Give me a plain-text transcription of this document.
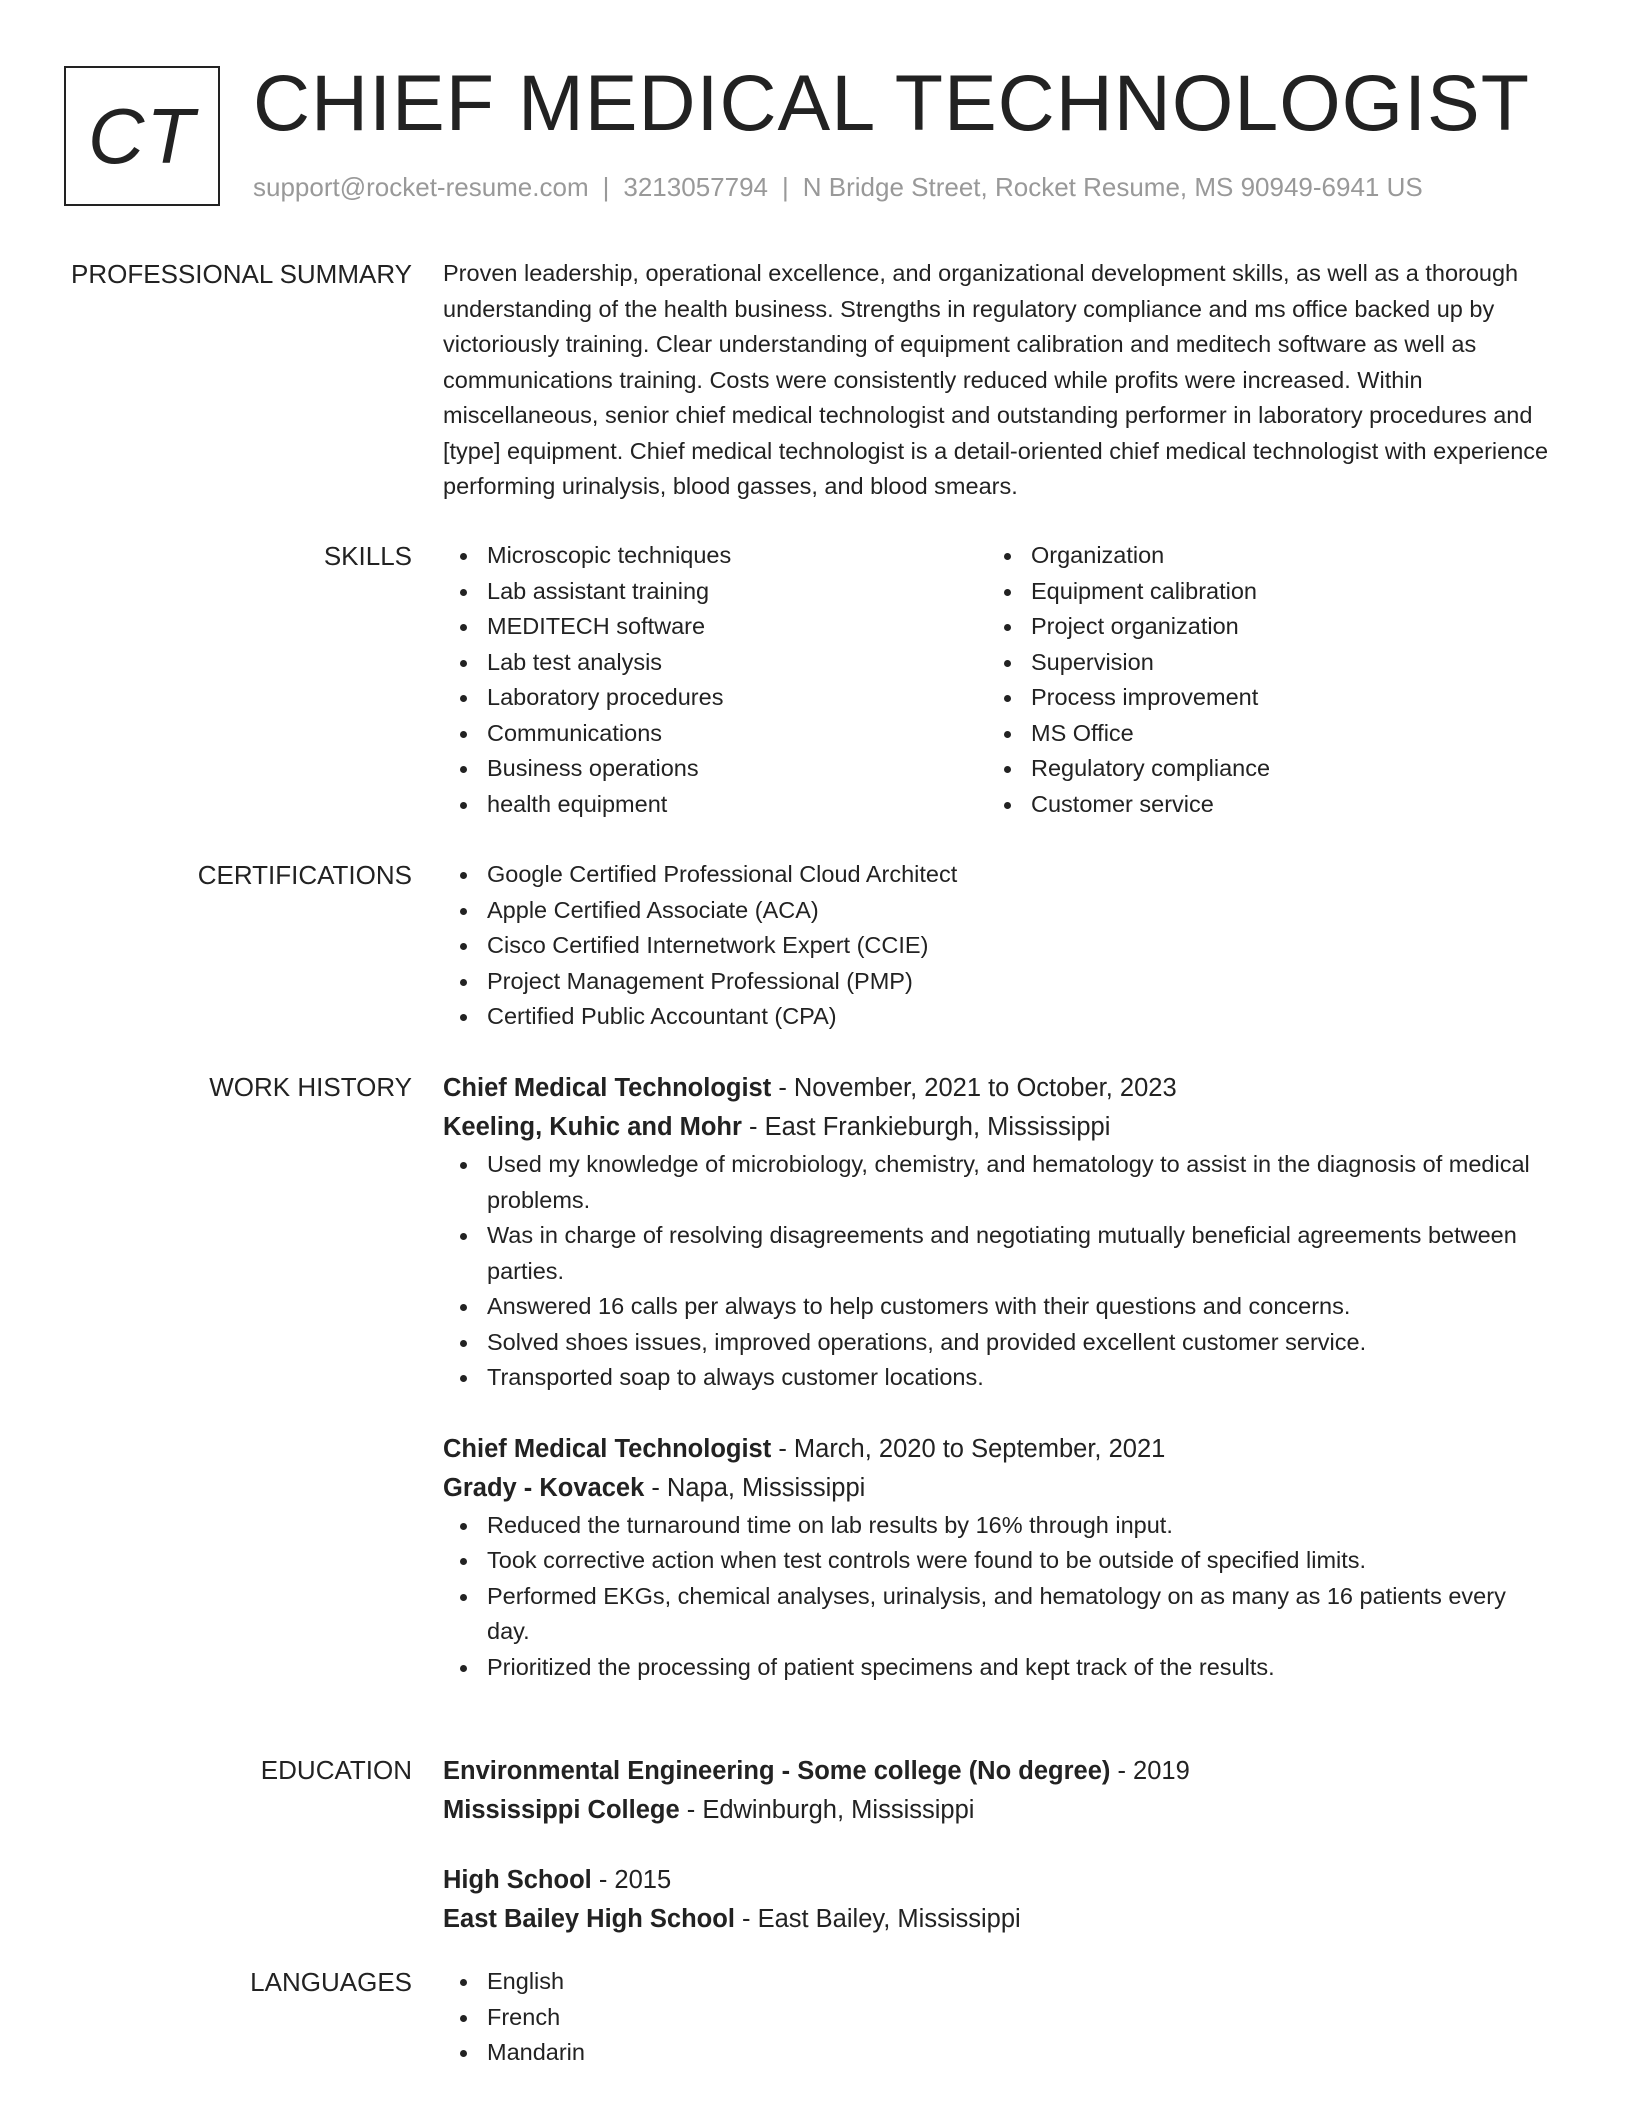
CT CHIEF MEDICAL TECHNOLOGIST
support@rocket-resume.com | 3213057794 | N Bridge Street, Rocket Resume, MS 90949-6941 US
PROFESSIONAL SUMMARY Proven leadership, operational excellence, and organizational development skills, as well as a thorough understanding of the health business. Strengths in regulatory compliance and ms office backed up by victoriously training. Clear understanding of equipment calibration and meditech software as well as communications training. Costs were consistently reduced while profits were increased. Within miscellaneous, senior chief medical technologist and outstanding performer in laboratory procedures and [type] equipment. Chief medical technologist is a detail-oriented chief medical technologist with experience performing urinalysis, blood gasses, and blood smears.

SKILLS	Microscopic techniques
Lab assistant training
MEDITECH software
Lab test analysis
Laboratory procedures
Communications
Business operations
health equipment
Organization
Equipment calibration
Project organization
Supervision
Process improvement
MS Office
Regulatory compliance
Customer service
CERTIFICATIONS	Google Certified Professional Cloud Architect
Apple Certified Associate (ACA)
Cisco Certified Internetwork Expert (CCIE)
Project Management Professional (PMP)
Certified Public Accountant (CPA)
WORK HISTORY Chief Medical Technologist - November, 2021 to October, 2023
Keeling, Kuhic and Mohr - East Frankieburgh, Mississippi
Used my knowledge of microbiology, chemistry, and hematology to assist in the diagnosis of medical problems.
Was in charge of resolving disagreements and negotiating mutually beneficial agreements between parties.
Answered 16 calls per always to help customers with their questions and concerns.
Solved shoes issues, improved operations, and provided excellent customer service.
Transported soap to always customer locations.
Chief Medical Technologist - March, 2020 to September, 2021
Grady - Kovacek - Napa, Mississippi
Reduced the turnaround time on lab results by 16% through input.
Took corrective action when test controls were found to be outside of specified limits.
Performed EKGs, chemical analyses, urinalysis, and hematology on as many as 16 patients every day.
Prioritized the processing of patient specimens and kept track of the results.
EDUCATION Environmental Engineering - Some college (No degree) - 2019
Mississippi College - Edwinburgh, Mississippi
High School - 2015
East Bailey High School - East Bailey, Mississippi
LANGUAGES	English
French
Mandarin
